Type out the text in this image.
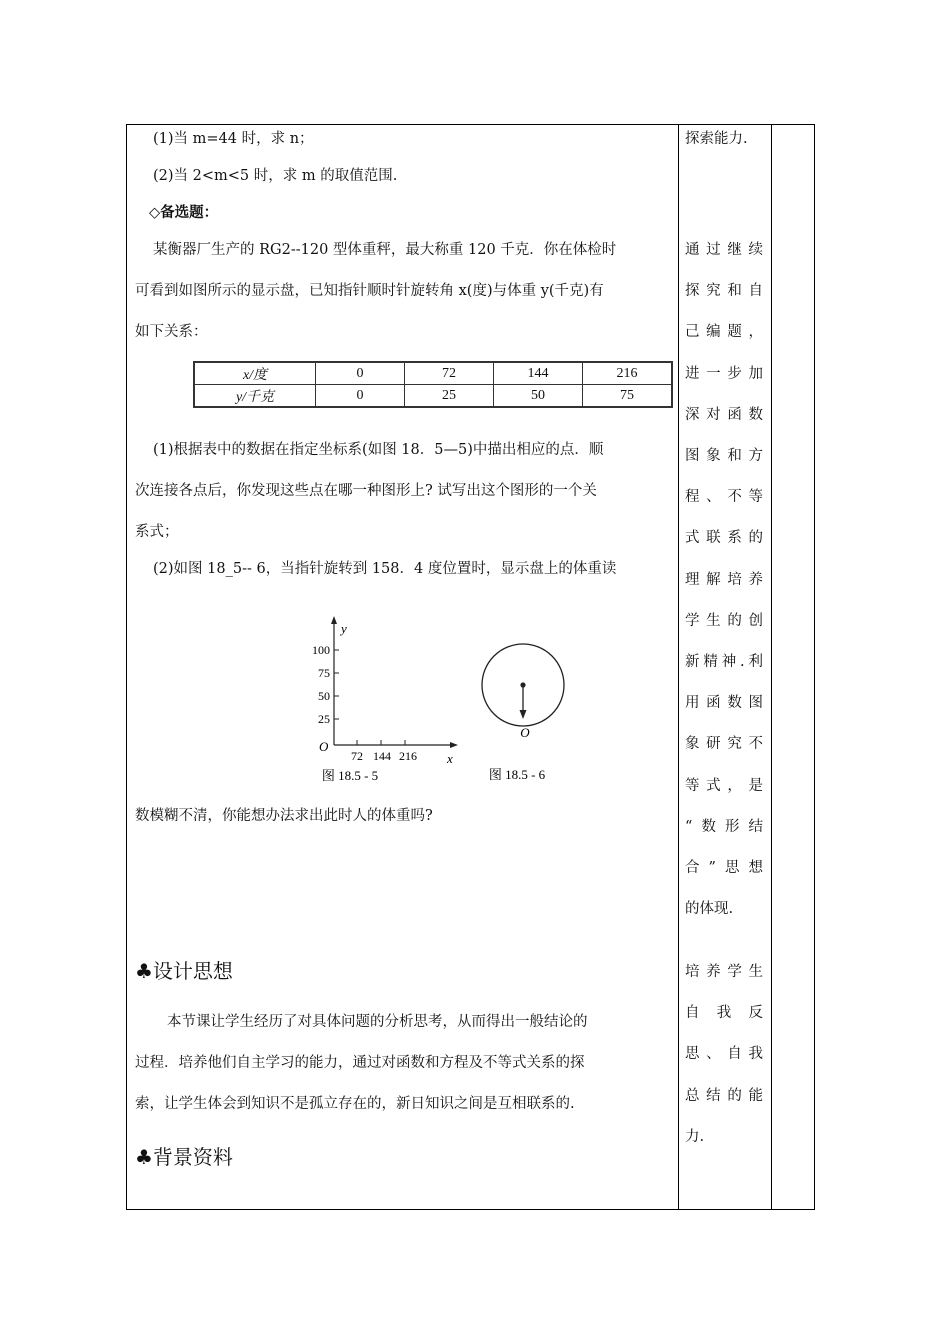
(1)当 m=44 时，求 n；
(2)当 2<m<5 时，求 m 的取值范围.
◇备选题：
某衡器厂生产的 RG2--120 型体重秤，最大称重 120 千克．你在体检时
可看到如图所示的显示盘，已知指针顺时针旋转角 x(度)与体重 y(千克)有
如下关系：
x/度	0	72	144	216
y/千克	0	25	50	75
(1)根据表中的数据在指定坐标系(如图 18．5—5)中描出相应的点．顺
次连接各点后，你发现这些点在哪一种图形上? 试写出这个图形的一个关
系式；
(2)如图 18_5-- 6，当指针旋转到 158．4 度位置时，显示盘上的体重读
y
x
O
100
75
50
25
72 144 216
图 18.5 - 5
O
图 18.5 - 6
数模糊不清，你能想办法求出此时人的体重吗?
♣设计思想
本节课让学生经历了对具体问题的分析思考，从而得出一般结论的
过程．培养他们自主学习的能力，通过对函数和方程及不等式关系的探
索，让学生体会到知识不是孤立存在的，新日知识之间是互相联系的.
♣背景资料
探索能力.
通过继续
探究和自
己编题，
进一步加
深对函数
图象和方
程、不等
式联系的
理解培养
学生的创
新精神.利
用函数图
象研究不
等式，是
“数形结
合”思想
的体现.
培养学生
自 我 反
思、自我
总结的能
力.
